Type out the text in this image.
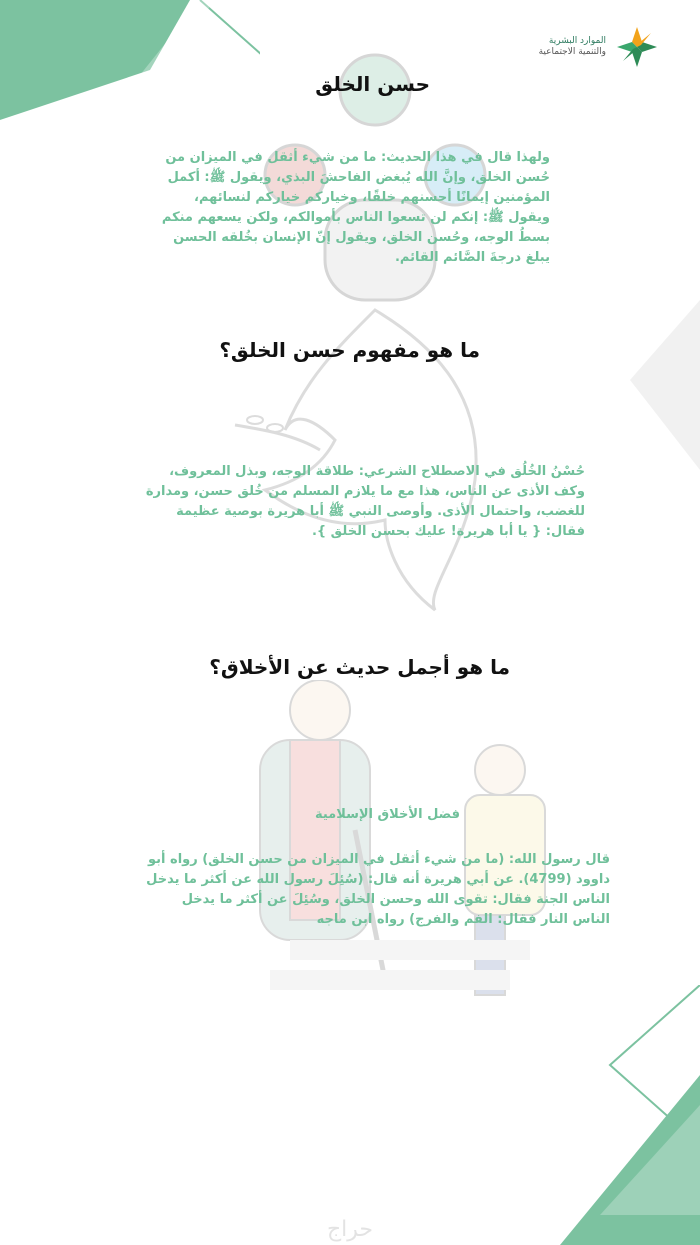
الموارد البشرية
والتنمية الاجتماعية
حسن الخلق
ولهذا قال في هذا الحديث: ما من شيء أثقل في الميزان من حُسن الخلق، وإنَّ الله يُبغض الفاحشَ البذي، ويقول ﷺ: أكمل المؤمنين إيمانًا أحسنهم خلقًا، وخياركم خياركم لنسائهم، ويقول ﷺ: إنكم لن تسعوا الناس بأموالكم، ولكن يسعهم منكم بسطُ الوجه، وحُسن الخلق، ويقول إنّ الإنسان بخُلقه الحسن يبلغ درجةَ الصَّائم القائم.
ما هو مفهوم حسن الخلق؟
حُسْنُ الخُلُق في الاصطلاح الشرعي: طلاقة الوجه، وبذل المعروف، وكف الأذى عن الناس، هذا مع ما يلازم المسلم من خُلق حسن، ومدارة للغضب، واحتمال الأذى. وأوصى النبي ﷺ أبا هريرة بوصية عظيمة فقال: { يا أبا هريرة! عليك بحسن الخلق }.
ما هو أجمل حديث عن الأخلاق؟
فضل الأخلاق الإسلامية
قال رسول الله: (ما من شيء أثقل في الميزان من حسن الخلق) رواه أبو داوود (4799). عن أبي هريرة أنه قال: (سُئِلَ رسول الله عن أكثر ما يدخل الناس الجنة فقال: تقوى الله وحسن الخلق، وسُئِلَ عن أكثر ما يدخل الناس النار فقال: الفم والفرج) رواه ابن ماجه
حراج
